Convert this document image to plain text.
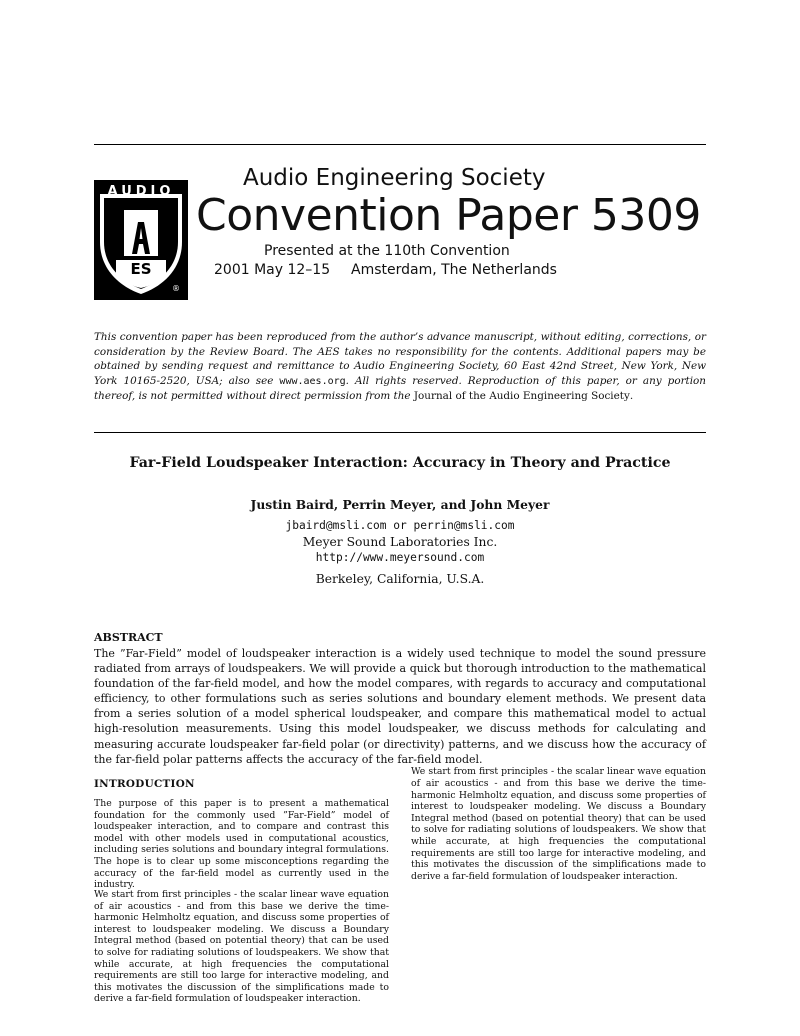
AUDIO
ES
®
Audio Engineering Society
Convention Paper 5309
Presented at the 110th Convention
2001 May 12–15 Amsterdam, The Netherlands

This convention paper has been reproduced from the author’s advance manuscript, without editing, corrections, or consideration by the Review Board. The AES takes no responsibility for the contents. Additional papers may be obtained by sending request and remittance to Audio Engineering Society, 60 East 42nd Street, New York, New York 10165-2520, USA; also see www.aes.org. All rights reserved. Reproduction of this paper, or any portion thereof, is not permitted without direct permission from the Journal of the Audio Engineering Society.

Far-Field Loudspeaker Interaction: Accuracy in Theory and Practice
Justin Baird, Perrin Meyer, and John Meyer
jbaird@msli.com or perrin@msli.com
Meyer Sound Laboratories Inc.
http://www.meyersound.com
Berkeley, California, U.S.A.
ABSTRACT

The ”Far-Field” model of loudspeaker interaction is a widely used technique to model the sound pressure radiated from arrays of loudspeakers. We will provide a quick but thorough introduction to the mathematical foundation of the far-field model, and how the model compares, with regards to accuracy and computational efficiency, to other formulations such as series solutions and boundary element methods. We present data from a series solution of a model spherical loudspeaker, and compare this mathematical model to actual high-resolution measurements. Using this model loudspeaker, we discuss methods for calculating and measuring accurate loudspeaker far-field polar (or directivity) patterns, and we discuss how the accuracy of the far-field polar patterns affects the accuracy of the far-field model.

INTRODUCTION

The purpose of this paper is to present a mathematical foundation for the commonly used ”Far-Field” model of loudspeaker interaction, and to compare and contrast this model with other models used in computational acoustics, including series solutions and boundary integral formulations. The hope is to clear up some misconceptions regarding the accuracy of the far-field model as currently used in the industry.

We start from first principles - the scalar linear wave equation of air acoustics - and from this base we derive the time-harmonic Helmholtz equation, and discuss some properties of interest to loudspeaker modeling. We discuss a Boundary Integral method (based on potential theory) that can be used to solve for radiating solutions of loudspeakers. We show that while accurate, at high frequencies the computational requirements are still too large for interactive modeling, and this motivates the discussion of the simplifications made to derive a far-field formulation of loudspeaker interaction.

We start from first principles - the scalar linear wave equation of air acoustics - and from this base we derive the time-harmonic Helmholtz equation, and discuss some properties of interest to loudspeaker modeling. We discuss a Boundary Integral method (based on potential theory) that can be used to solve for radiating solutions of loudspeakers. We show that while accurate, at high frequencies the computational requirements are still too large for interactive modeling, and this motivates the discussion of the simplifications made to derive a far-field formulation of loudspeaker interaction.
